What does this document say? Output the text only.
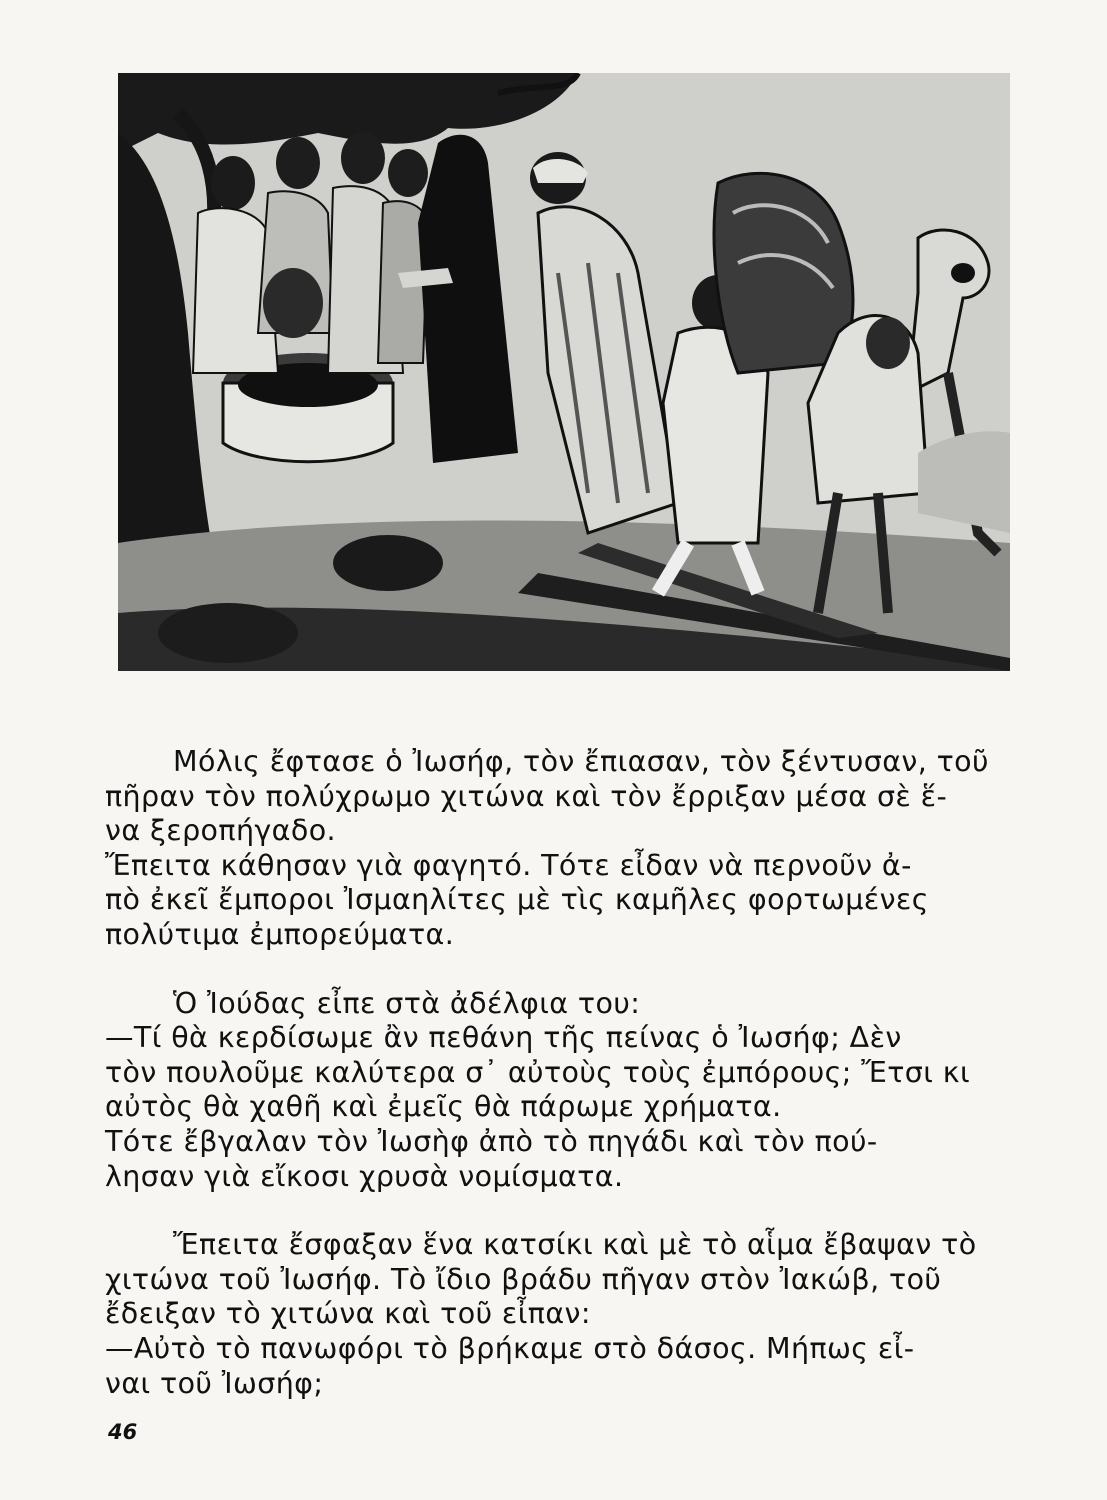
Μόλις ἔφτασε ὁ Ἰωσήφ, τὸν ἔπιασαν, τὸν ξέντυσαν, τοῦ
πῆραν τὸν πολύχρωμο χιτώνα καὶ τὸν ἔρριξαν μέσα σὲ ἕ-
να ξεροπήγαδο.
Ἔπειτα κάθησαν γιὰ φαγητό. Τότε εἶδαν νὰ περνοῦν ἀ-
πὸ ἐκεῖ ἔμποροι Ἰσμαηλίτες μὲ τὶς καμῆλες φορτωμένες
πολύτιμα ἐμπορεύματα.

Ὁ Ἰούδας εἶπε στὰ ἀδέλφια του:
—Τί θὰ κερδίσωμε ἂν πεθάνη τῆς πείνας ὁ Ἰωσήφ; Δὲν
τὸν πουλοῦμε καλύτερα σ᾽ αὐτοὺς τοὺς ἐμπόρους; Ἔτσι κι
αὐτὸς θὰ χαθῆ καὶ ἐμεῖς θὰ πάρωμε χρήματα.
Τότε ἔβγαλαν τὸν Ἰωσὴφ ἀπὸ τὸ πηγάδι καὶ τὸν πού-
λησαν γιὰ εἴκοσι χρυσὰ νομίσματα.

Ἔπειτα ἔσφαξαν ἕνα κατσίκι καὶ μὲ τὸ αἷμα ἔβαψαν τὸ
χιτώνα τοῦ Ἰωσήφ. Τὸ ἴδιο βράδυ πῆγαν στὸν Ἰακώβ, τοῦ
ἔδειξαν τὸ χιτώνα καὶ τοῦ εἶπαν:
—Αὐτὸ τὸ πανωφόρι τὸ βρήκαμε στὸ δάσος. Μήπως εἶ-
ναι τοῦ Ἰωσήφ;

46
